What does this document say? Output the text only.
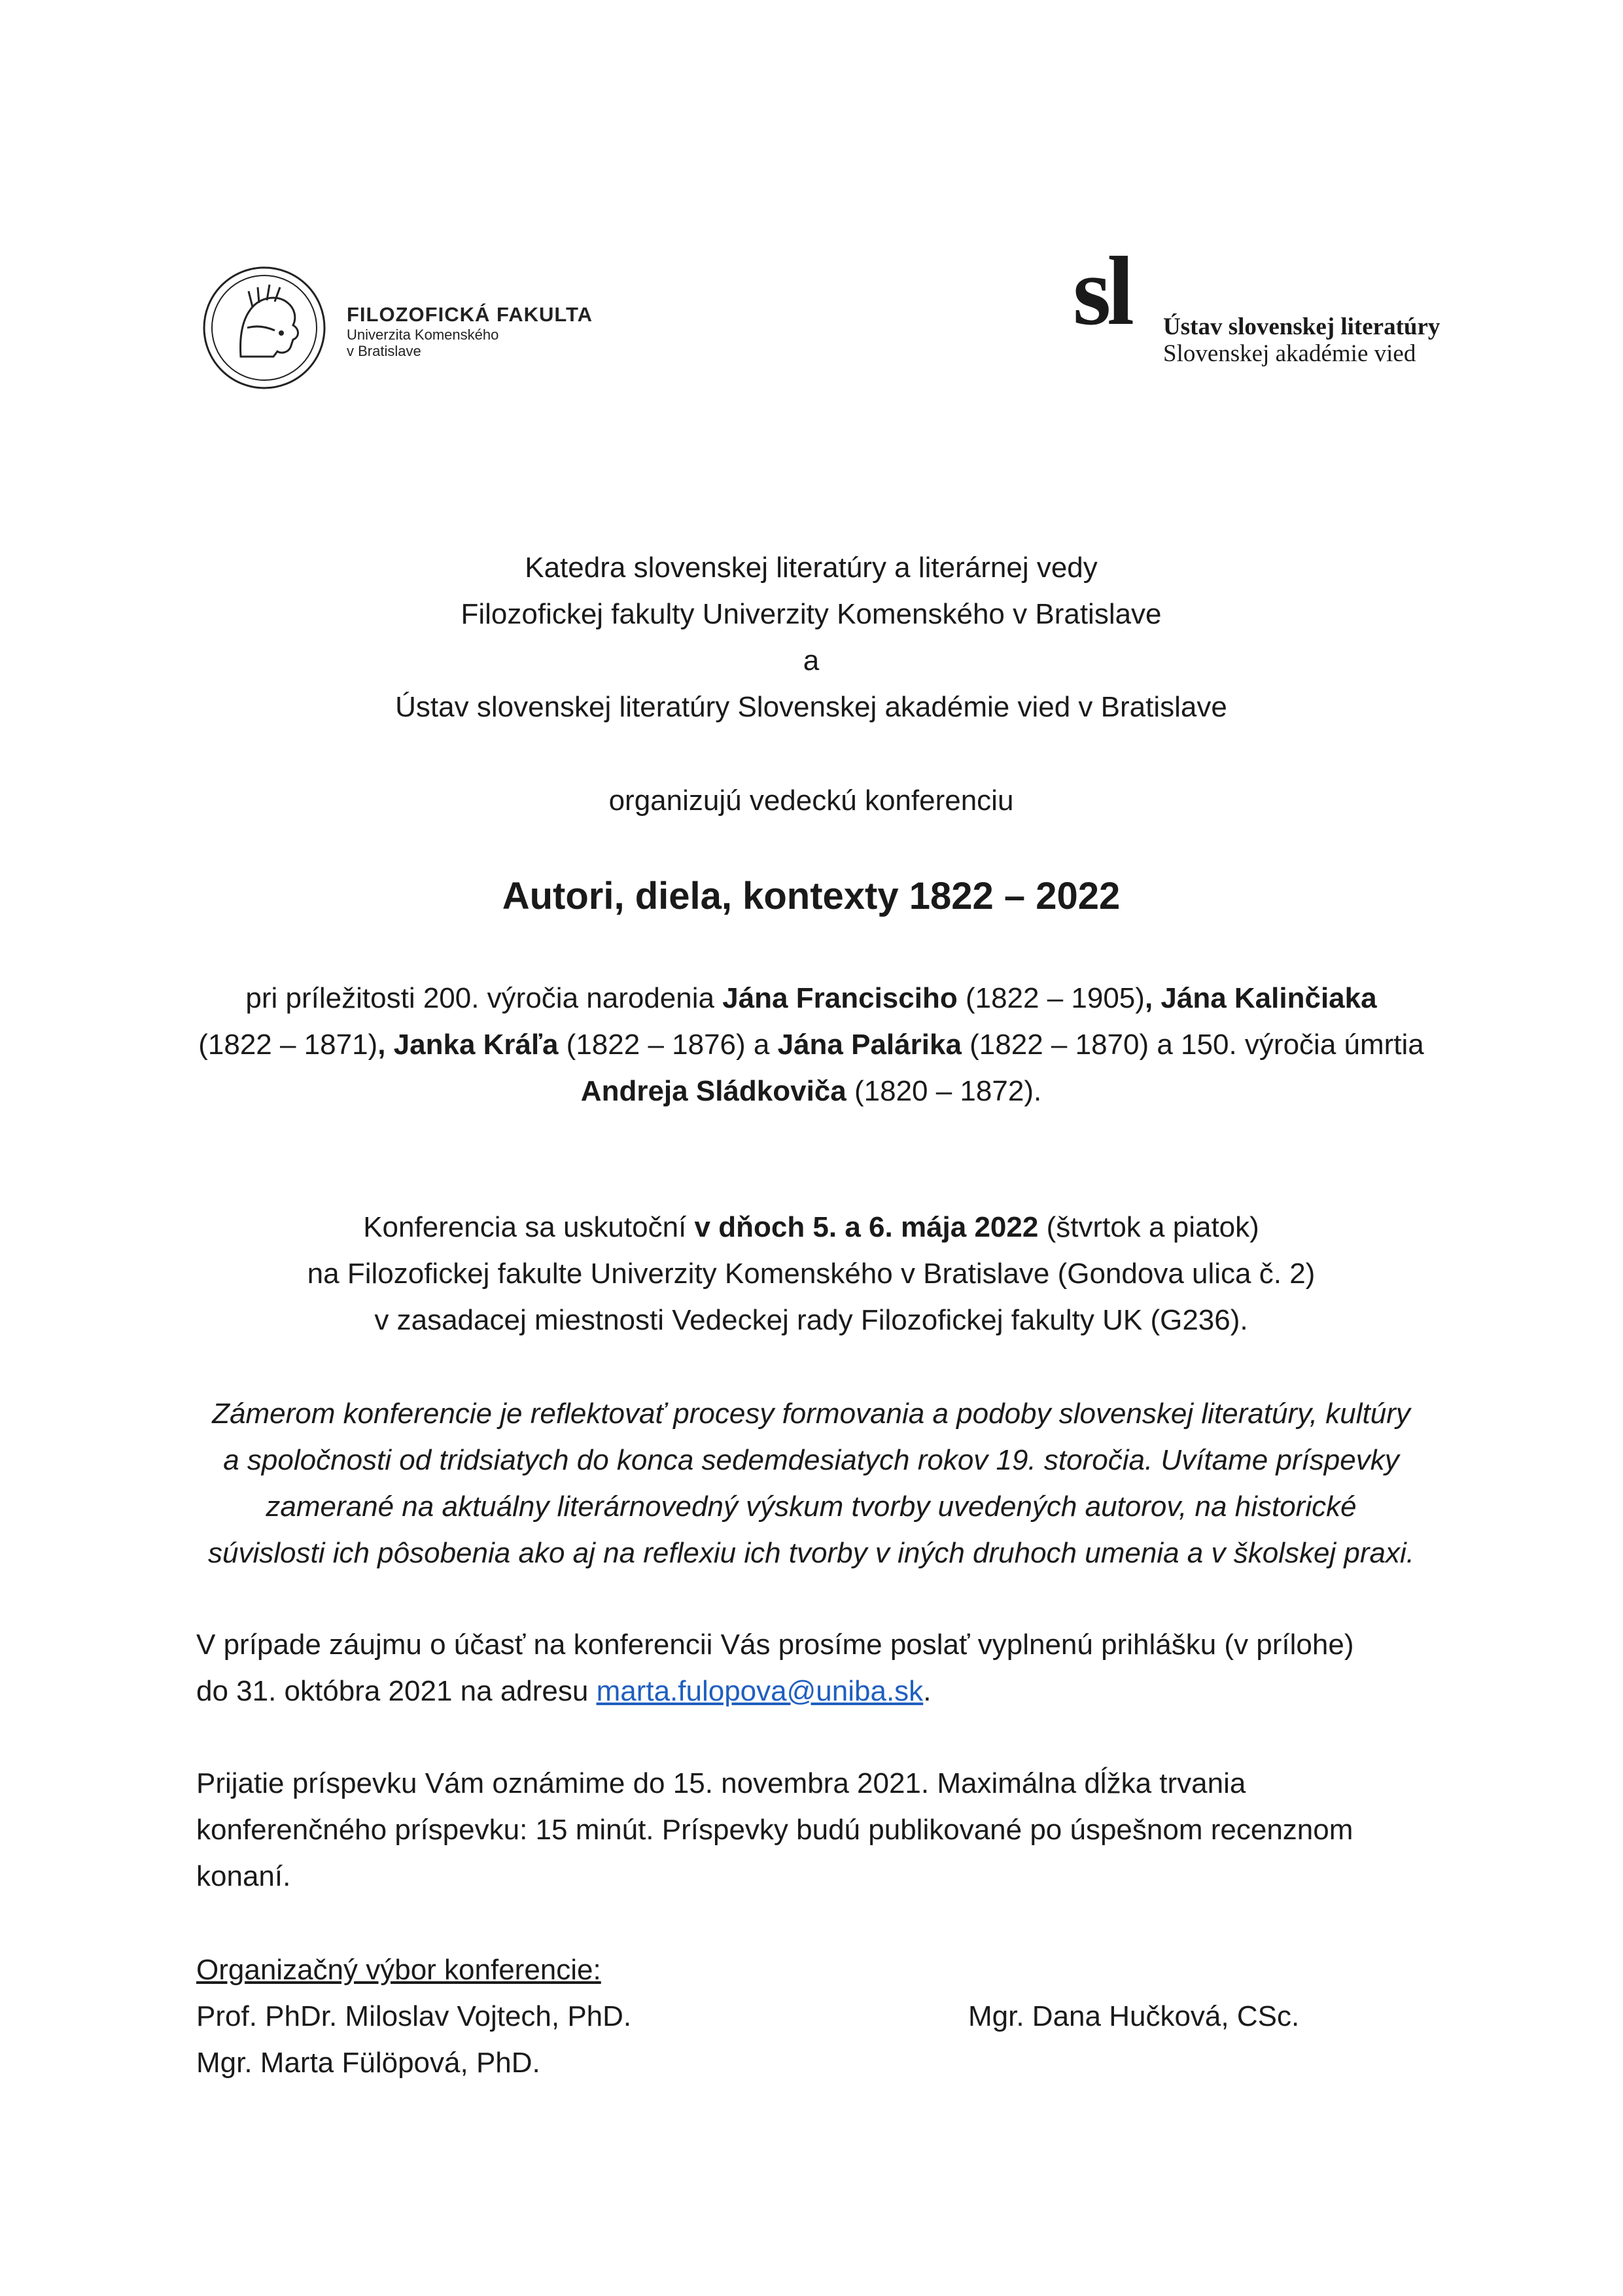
FILOZOFICKÁ FAKULTA
Univerzita Komenského
v Bratislave
sl Ústav slovenskej literatúry
Slovenskej akadémie vied
Katedra slovenskej literatúry a literárnej vedy
Filozofickej fakulty Univerzity Komenského v Bratislave
a
Ústav slovenskej literatúry Slovenskej akadémie vied v Bratislave
organizujú vedeckú konferenciu
Autori, diela, kontexty 1822 – 2022
pri príležitosti 200. výročia narodenia Jána Francisciho (1822 – 1905), Jána Kalinčiaka
(1822 – 1871), Janka Kráľa (1822 – 1876) a Jána Palárika (1822 – 1870) a 150. výročia úmrtia
Andreja Sládkoviča (1820 – 1872).
Konferencia sa uskutoční v dňoch 5. a 6. mája 2022 (štvrtok a piatok)
na Filozofickej fakulte Univerzity Komenského v Bratislave (Gondova ulica č. 2)
v zasadacej miestnosti Vedeckej rady Filozofickej fakulty UK (G236).
Zámerom konferencie je reflektovať procesy formovania a podoby slovenskej literatúry, kultúry
a spoločnosti od tridsiatych do konca sedemdesiatych rokov 19. storočia. Uvítame príspevky
zamerané na aktuálny literárnovedný výskum tvorby uvedených autorov, na historické
súvislosti ich pôsobenia ako aj na reflexiu ich tvorby v iných druhoch umenia a v školskej praxi.
V prípade záujmu o účasť na konferencii Vás prosíme poslať vyplnenú prihlášku (v prílohe)
do 31. októbra 2021 na adresu marta.fulopova@uniba.sk.
Prijatie príspevku Vám oznámime do 15. novembra 2021. Maximálna dĺžka trvania
konferenčného príspevku: 15 minút. Príspevky budú publikované po úspešnom recenznom
konaní.
Organizačný výbor konferencie:
Prof. PhDr. Miloslav Vojtech, PhD.
Mgr. Marta Fülöpová, PhD.
Mgr. Dana Hučková, CSc.
